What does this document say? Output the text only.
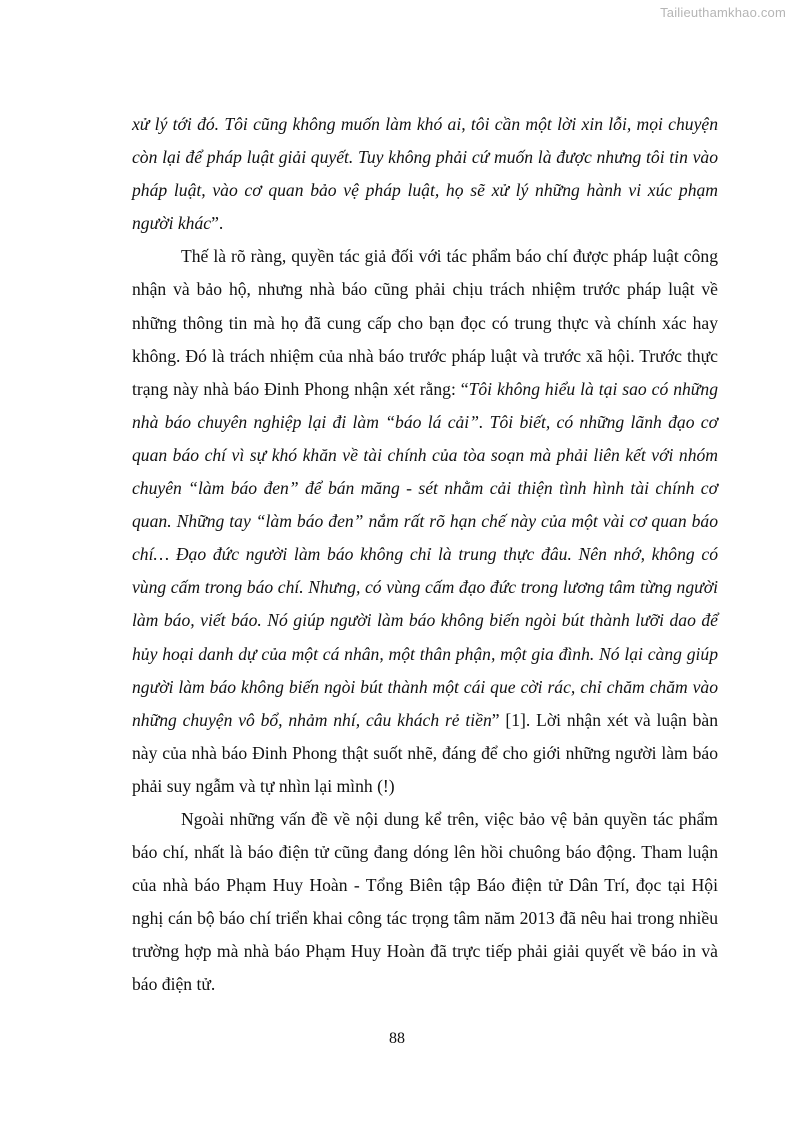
Tailieuthamkhao.com

xử lý tới đó. Tôi cũng không muốn làm khó ai, tôi cần một lời xin lỗi, mọi chuyện còn lại để pháp luật giải quyết. Tuy không phải cứ muốn là được nhưng tôi tin vào pháp luật, vào cơ quan bảo vệ pháp luật, họ sẽ xử lý những hành vi xúc phạm người khác”.

Thế là rõ ràng, quyền tác giả đối với tác phẩm báo chí được pháp luật công nhận và bảo hộ, nhưng nhà báo cũng phải chịu trách nhiệm trước pháp luật về những thông tin mà họ đã cung cấp cho bạn đọc có trung thực và chính xác hay không. Đó là trách nhiệm của nhà báo trước pháp luật và trước xã hội. Trước thực trạng này nhà báo Đinh Phong nhận xét rằng: “Tôi không hiểu là tại sao có những nhà báo chuyên nghiệp lại đi làm “báo lá cải”. Tôi biết, có những lãnh đạo cơ quan báo chí vì sự khó khăn về tài chính của tòa soạn mà phải liên kết với nhóm chuyên “làm báo đen” để bán măng - sét nhằm cải thiện tình hình tài chính cơ quan. Những tay “làm báo đen” nắm rất rõ hạn chế này của một vài cơ quan báo chí… Đạo đức người làm báo không chỉ là trung thực đâu. Nên nhớ, không có vùng cấm trong báo chí. Nhưng, có vùng cấm đạo đức trong lương tâm từng người làm báo, viết báo. Nó giúp người làm báo không biến ngòi bút thành lưỡi dao để hủy hoại danh dự của một cá nhân, một thân phận, một gia đình. Nó lại càng giúp người làm báo không biến ngòi bút thành một cái que cời rác, chỉ chăm chăm vào những chuyện vô bổ, nhảm nhí, câu khách rẻ tiền” [1]. Lời nhận xét và luận bàn này của nhà báo Đinh Phong thật suốt nhẽ, đáng để cho giới những người làm báo phải suy ngẫm và tự nhìn lại mình (!)

Ngoài những vấn đề về nội dung kể trên, việc bảo vệ bản quyền tác phẩm báo chí, nhất là báo điện tử cũng đang dóng lên hồi chuông báo động. Tham luận của nhà báo Phạm Huy Hoàn - Tổng Biên tập Báo điện tử Dân Trí, đọc tại Hội nghị cán bộ báo chí triển khai công tác trọng tâm năm 2013 đã nêu hai trong nhiều trường hợp mà nhà báo Phạm Huy Hoàn đã trực tiếp phải giải quyết về báo in và báo điện tử.

88
